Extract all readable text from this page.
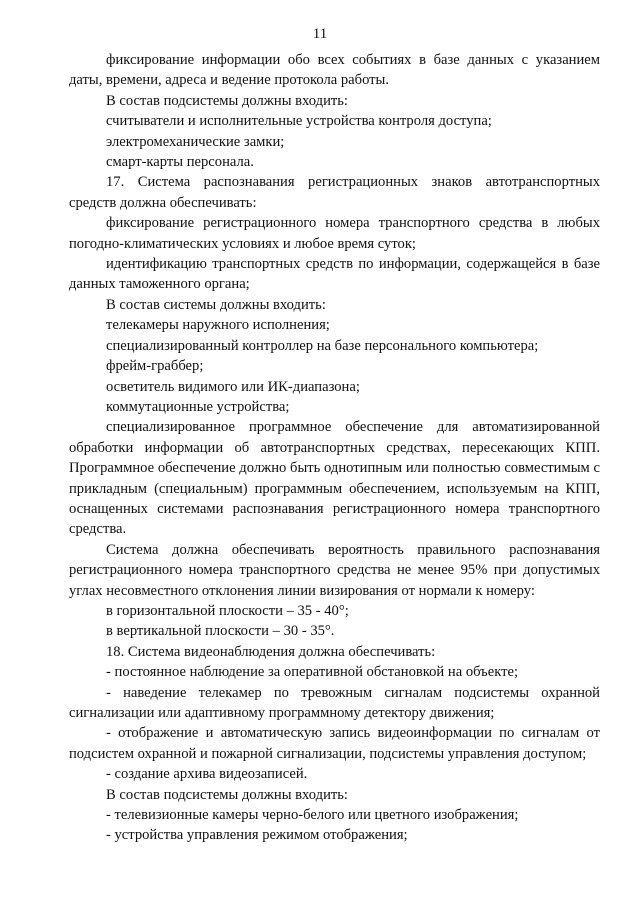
11

фиксирование информации обо всех событиях в базе данных с указанием даты, времени, адреса и ведение протокола работы.

В состав подсистемы должны входить:

считыватели и исполнительные устройства контроля доступа;

электромеханические замки;

смарт-карты персонала.

17. Система распознавания регистрационных знаков автотранспортных средств должна обеспечивать:

фиксирование регистрационного номера транспортного средства в любых погодно-климатических условиях и любое время суток;

идентификацию транспортных средств по информации, содержащейся в базе данных таможенного органа;

В состав системы должны входить:

телекамеры наружного исполнения;

специализированный контроллер на базе персонального компьютера;

фрейм-граббер;

осветитель видимого или ИК-диапазона;

коммутационные устройства;

специализированное программное обеспечение для автоматизированной обработки информации об автотранспортных средствах, пересекающих КПП. Программное обеспечение должно быть однотипным или полностью совместимым с прикладным (специальным) программным обеспечением, используемым на КПП, оснащенных системами распознавания регистрационного номера транспортного средства.

Система должна обеспечивать вероятность правильного распознавания регистрационного номера транспортного средства не менее 95% при допустимых углах несовместного отклонения линии визирования от нормали к номеру:

в горизонтальной плоскости – 35 - 40°;

в вертикальной плоскости – 30 - 35°.

18. Система видеонаблюдения должна обеспечивать:

- постоянное наблюдение за оперативной обстановкой на объекте;

- наведение телекамер по тревожным сигналам подсистемы охранной сигнализации или адаптивному программному детектору движения;

- отображение и автоматическую запись видеоинформации по сигналам от подсистем охранной и пожарной сигнализации, подсистемы управления доступом;

- создание архива видеозаписей.

В состав подсистемы должны входить:

- телевизионные камеры черно-белого или цветного изображения;

- устройства управления режимом отображения;
